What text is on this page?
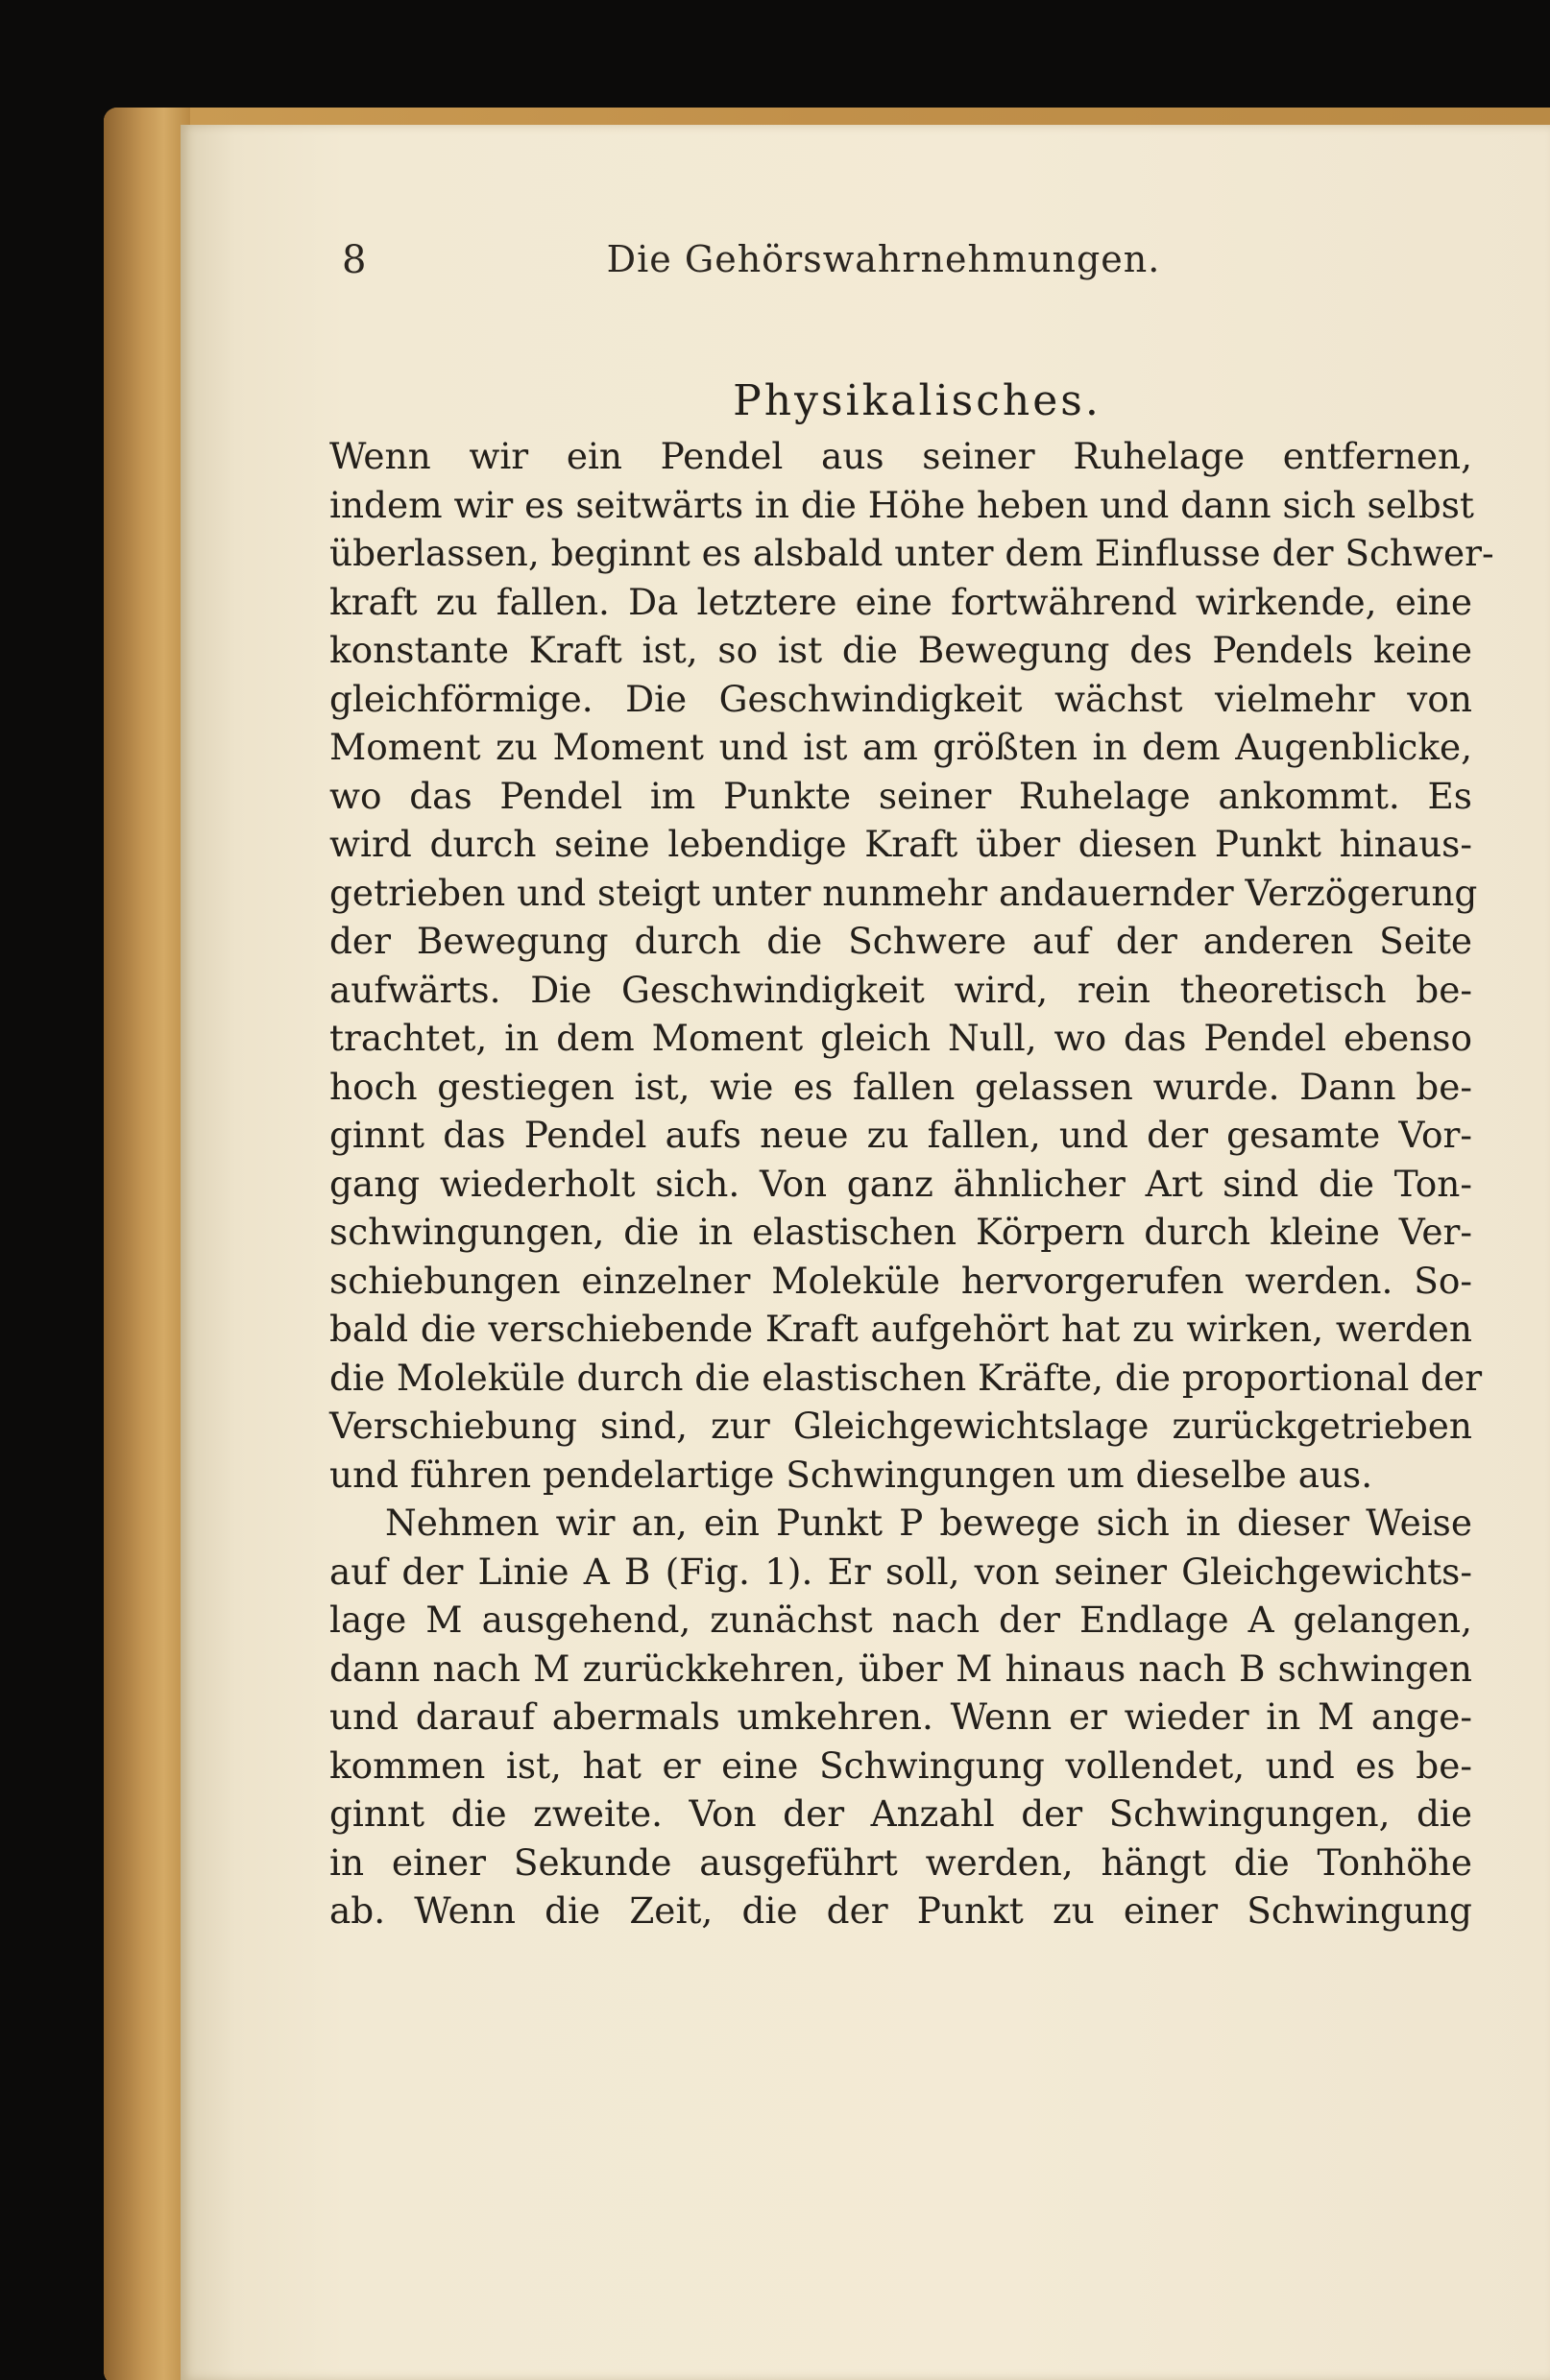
8	Die Gehörswahrnehmungen.
Physikalisches.
Wenn wir ein Pendel aus seiner Ruhelage entfernen,
indem wir es seitwärts in die Höhe heben und dann sich selbst
überlassen, beginnt es alsbald unter dem Einflusse der Schwer-
kraft zu fallen. Da letztere eine fortwährend wirkende, eine
konstante Kraft ist, so ist die Bewegung des Pendels keine
gleichförmige. Die Geschwindigkeit wächst vielmehr von
Moment zu Moment und ist am größten in dem Augenblicke,
wo das Pendel im Punkte seiner Ruhelage ankommt. Es
wird durch seine lebendige Kraft über diesen Punkt hinaus-
getrieben und steigt unter nunmehr andauernder Verzögerung
der Bewegung durch die Schwere auf der anderen Seite
aufwärts. Die Geschwindigkeit wird, rein theoretisch be-
trachtet, in dem Moment gleich Null, wo das Pendel ebenso
hoch gestiegen ist, wie es fallen gelassen wurde. Dann be-
ginnt das Pendel aufs neue zu fallen, und der gesamte Vor-
gang wiederholt sich. Von ganz ähnlicher Art sind die Ton-
schwingungen, die in elastischen Körpern durch kleine Ver-
schiebungen einzelner Moleküle hervorgerufen werden. So-
bald die verschiebende Kraft aufgehört hat zu wirken, werden
die Moleküle durch die elastischen Kräfte, die proportional der
Verschiebung sind, zur Gleichgewichtslage zurückgetrieben
und führen pendelartige Schwingungen um dieselbe aus.
Nehmen wir an, ein Punkt P bewege sich in dieser Weise
auf der Linie A B (Fig. 1). Er soll, von seiner Gleichgewichts-
lage M ausgehend, zunächst nach der Endlage A gelangen,
dann nach M zurückkehren, über M hinaus nach B schwingen
und darauf abermals umkehren. Wenn er wieder in M ange-
kommen ist, hat er eine Schwingung vollendet, und es be-
ginnt die zweite. Von der Anzahl der Schwingungen, die
in einer Sekunde ausgeführt werden, hängt die Tonhöhe
ab. Wenn die Zeit, die der Punkt zu einer Schwingung
